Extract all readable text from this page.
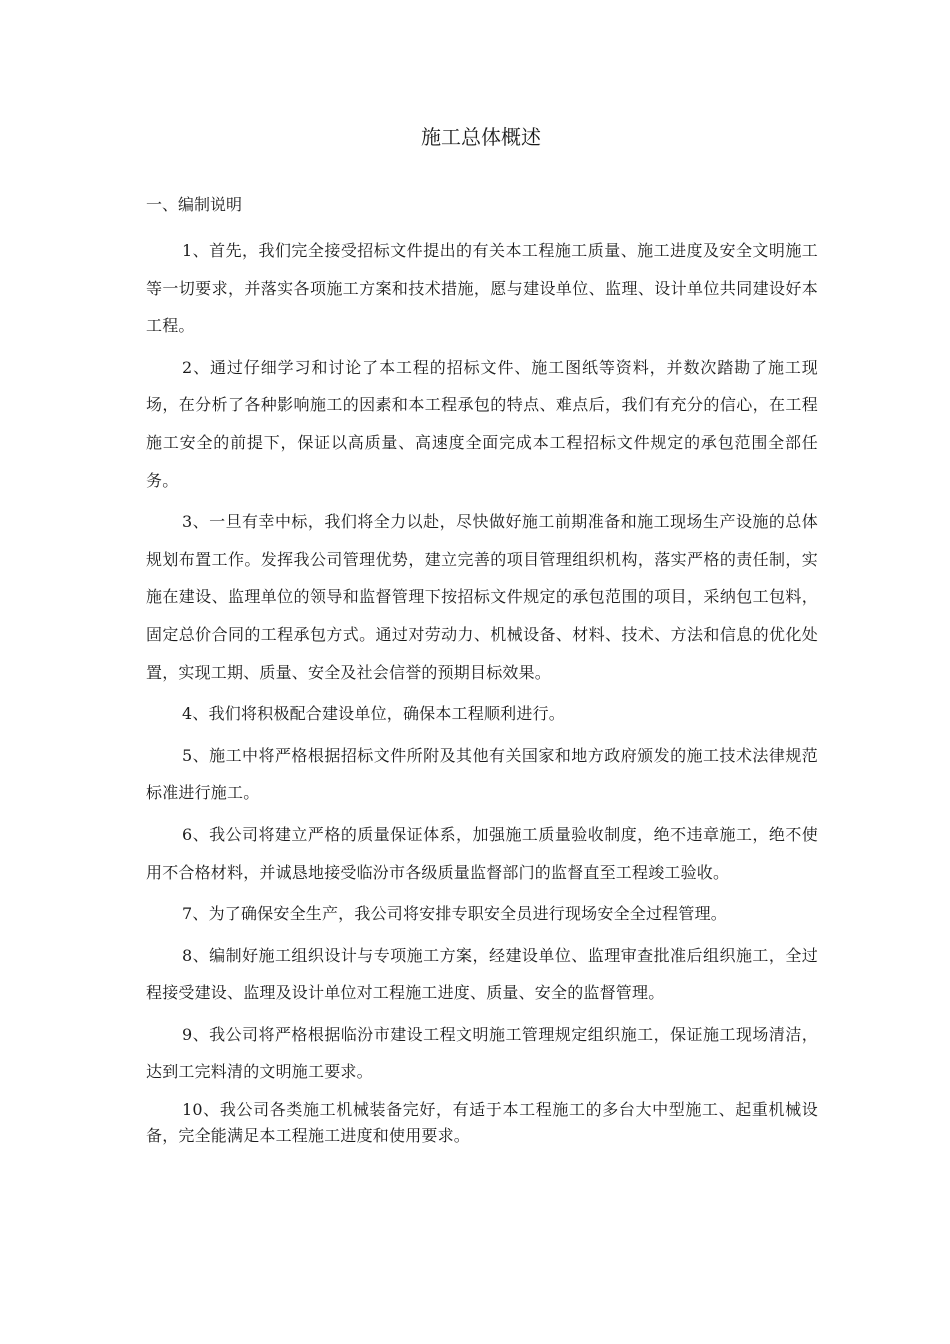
施工总体概述
一、编制说明

1、首先，我们完全接受招标文件提出的有关本工程施工质量、施工进度及安全文明施工等一切要求，并落实各项施工方案和技术措施，愿与建设单位、监理、设计单位共同建设好本工程。

2、通过仔细学习和讨论了本工程的招标文件、施工图纸等资料，并数次踏勘了施工现场，在分析了各种影响施工的因素和本工程承包的特点、难点后，我们有充分的信心，在工程施工安全的前提下，保证以高质量、高速度全面完成本工程招标文件规定的承包范围全部任务。

3、一旦有幸中标，我们将全力以赴，尽快做好施工前期准备和施工现场生产设施的总体规划布置工作。发挥我公司管理优势，建立完善的项目管理组织机构，落实严格的责任制，实施在建设、监理单位的领导和监督管理下按招标文件规定的承包范围的项目，采纳包工包料，固定总价合同的工程承包方式。通过对劳动力、机械设备、材料、技术、方法和信息的优化处置，实现工期、质量、安全及社会信誉的预期目标效果。

4、我们将积极配合建设单位，确保本工程顺利进行。

5、施工中将严格根据招标文件所附及其他有关国家和地方政府颁发的施工技术法律规范标准进行施工。

6、我公司将建立严格的质量保证体系，加强施工质量验收制度，绝不违章施工，绝不使用不合格材料，并诚恳地接受临汾市各级质量监督部门的监督直至工程竣工验收。

7、为了确保安全生产，我公司将安排专职安全员进行现场安全全过程管理。

8、编制好施工组织设计与专项施工方案，经建设单位、监理审查批准后组织施工，全过程接受建设、监理及设计单位对工程施工进度、质量、安全的监督管理。

9、我公司将严格根据临汾市建设工程文明施工管理规定组织施工，保证施工现场清洁，达到工完料清的文明施工要求。

10、我公司各类施工机械装备完好，有适于本工程施工的多台大中型施工、起重机械设备，完全能满足本工程施工进度和使用要求。
